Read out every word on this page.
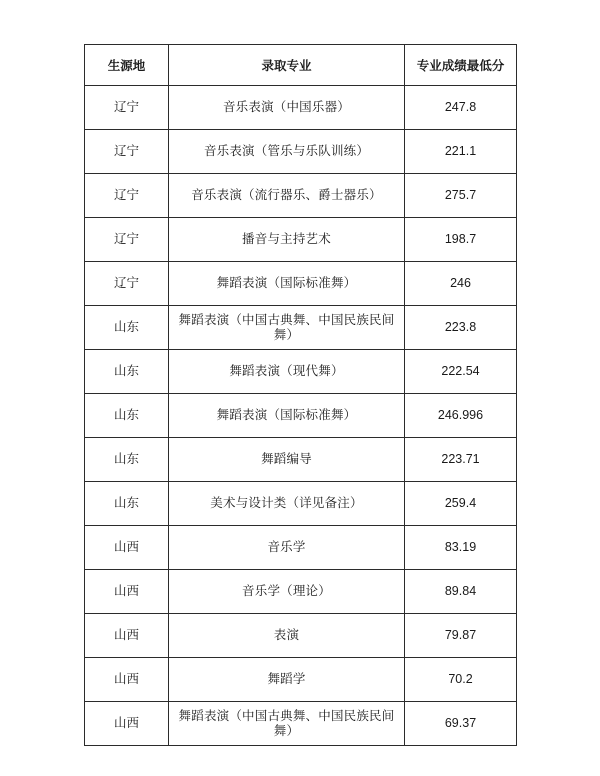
生源地	录取专业	专业成绩最低分

辽宁	音乐表演（中国乐器）	247.8

辽宁	音乐表演（管乐与乐队训练）	221.1

辽宁	音乐表演（流行器乐、爵士器乐）	275.7

辽宁	播音与主持艺术	198.7

辽宁	舞蹈表演（国际标准舞）	246

山东	舞蹈表演（中国古典舞、中国民族民间舞）	223.8

山东	舞蹈表演（现代舞）	222.54

山东	舞蹈表演（国际标准舞）	246.996

山东	舞蹈编导	223.71

山东	美术与设计类（详见备注）	259.4

山西	音乐学	83.19

山西	音乐学（理论）	89.84

山西	表演	79.87

山西	舞蹈学	70.2

山西	舞蹈表演（中国古典舞、中国民族民间舞）	69.37
